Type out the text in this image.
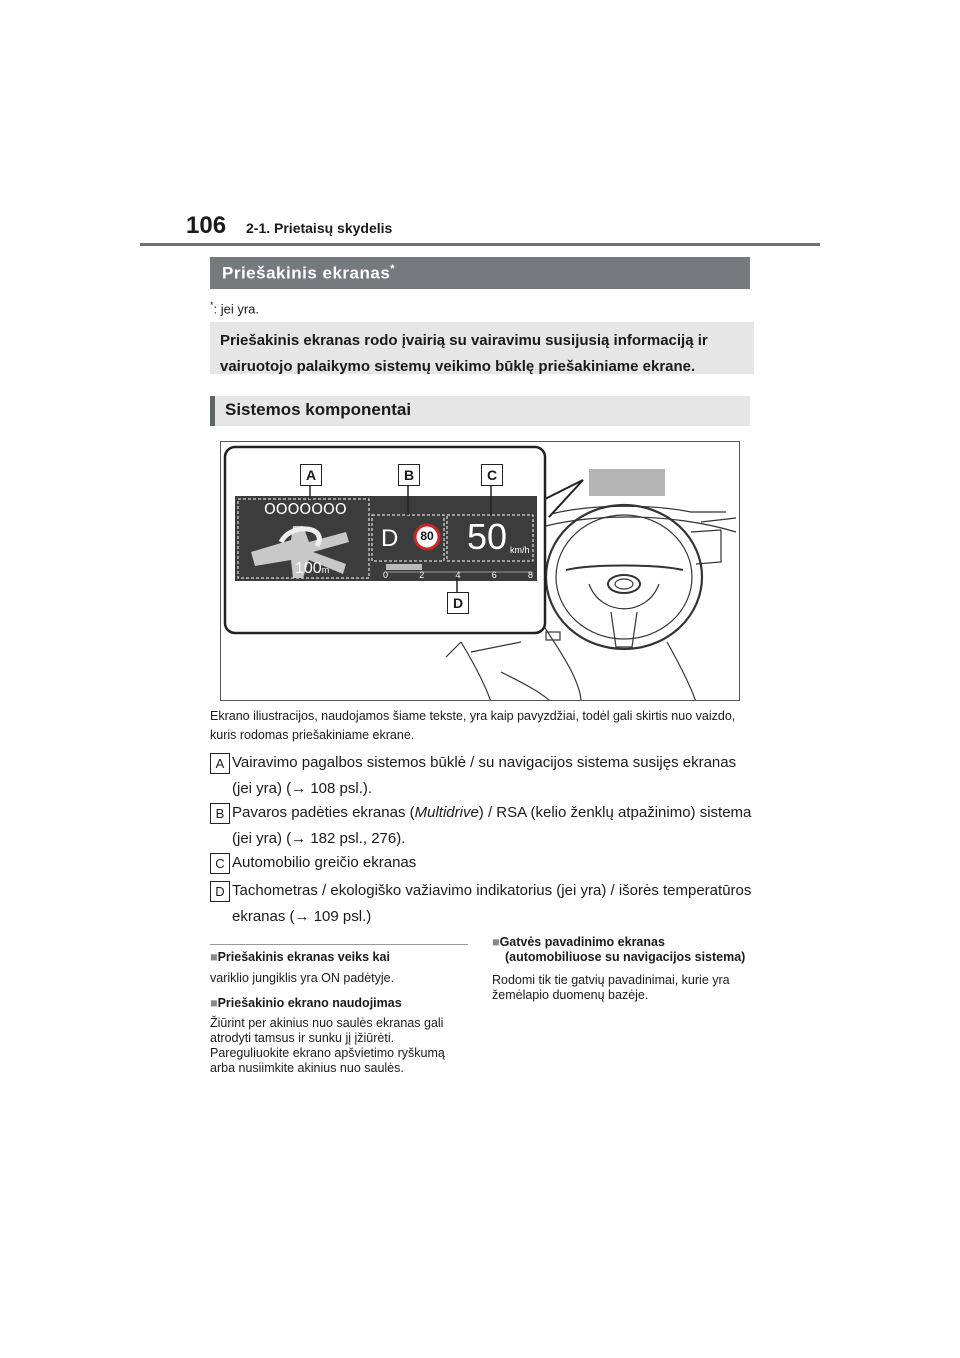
106 2-1. Prietaisų skydelis
Priešakinis ekranas*
*: jei yra.
Priešakinis ekranas rodo įvairią su vairavimu susijusią informaciją ir vairuotojo palaikymo sistemų veikimo būklę priešakiniame ekrane.
Sistemos komponentai
OOOOOOO
100m
D	80 50 km/h
0	2	4	6	8
A	B	C
D
Ekrano iliustracijos, naudojamos šiame tekste, yra kaip pavyzdžiai, todėl gali skirtis nuo vaizdo, kuris rodomas priešakiniame ekrane.
A Vairavimo pagalbos sistemos būklė / su navigacijos sistema susijęs ekranas (jei yra) (→ 108 psl.).
B Pavaros padėties ekranas (Multidrive) / RSA (kelio ženklų atpažinimo) sistema (jei yra) (→ 182 psl., 276).
C Automobilio greičio ekranas
D Tachometras / ekologiško važiavimo indikatorius (jei yra) / išorės temperatūros ekranas (→ 109 psl.)
■Priešakinis ekranas veiks kai
variklio jungiklis yra ON padėtyje.
■Priešakinio ekrano naudojimas
Žiūrint per akinius nuo saulės ekranas gali atrodyti tamsus ir sunku jį įžiūrėti. Pareguliuokite ekrano apšvietimo ryškumą arba nusiimkite akinius nuo saulės.
■Gatvės pavadinimo ekranas (automobiliuose su navigacijos sistema)
Rodomi tik tie gatvių pavadinimai, kurie yra žemėlapio duomenų bazėje.
